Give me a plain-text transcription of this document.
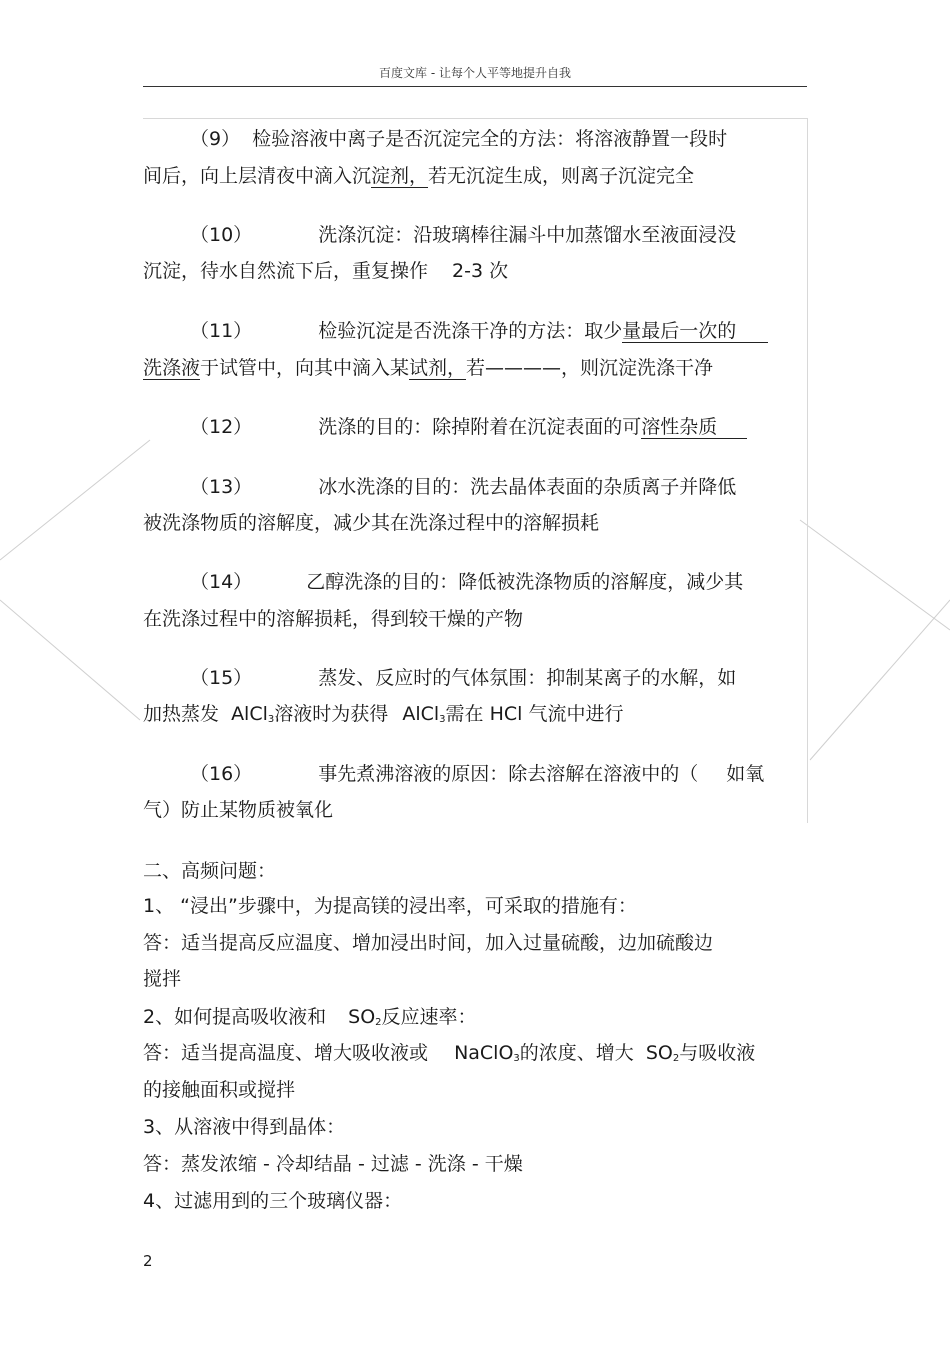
百度文库 - 让每个人平等地提升自我
（9） 检验溶液中离子是否沉淀完全的方法：将溶液静置一段时
间后，向上层清夜中滴入沉淀剂，若无沉淀生成，则离子沉淀完全
（10）	洗涤沉淀：沿玻璃棒往漏斗中加蒸馏水至液面浸没
沉淀，待水自然流下后，重复操作 2-3 次
（11）	检验沉淀是否洗涤干净的方法：取少量最后一次的
洗涤液于试管中，向其中滴入某试剂，若————，则沉淀洗涤干净
（12）	洗涤的目的：除掉附着在沉淀表面的可溶性杂质
（13）	冰水洗涤的目的：洗去晶体表面的杂质离子并降低
被洗涤物质的溶解度，减少其在洗涤过程中的溶解损耗
（14）	乙醇洗涤的目的：降低被洗涤物质的溶解度，减少其
在洗涤过程中的溶解损耗，得到较干燥的产物
（15）	蒸发、反应时的气体氛围：抑制某离子的水解，如
加热蒸发 AlCl$_3$溶液时为获得 AlCl$_3$需在 HCl 气流中进行
（16）	事先煮沸溶液的原因：除去溶解在溶液中的（ 如氧
气）防止某物质被氧化
二、高频问题：
1、 “浸出”步骤中，为提高镁的浸出率，可采取的措施有：
答：适当提高反应温度、增加浸出时间，加入过量硫酸，边加硫酸边
搅拌
2、如何提高吸收液和 $SO_2$反应速率：
答：适当提高温度、增大吸收液或 NaClO$_3$的浓度、增大 $SO_2$与吸收液
的接触面积或搅拌
3、从溶液中得到晶体：
答：蒸发浓缩 - 冷却结晶 - 过滤 - 洗涤 - 干燥
4、过滤用到的三个玻璃仪器：
2
